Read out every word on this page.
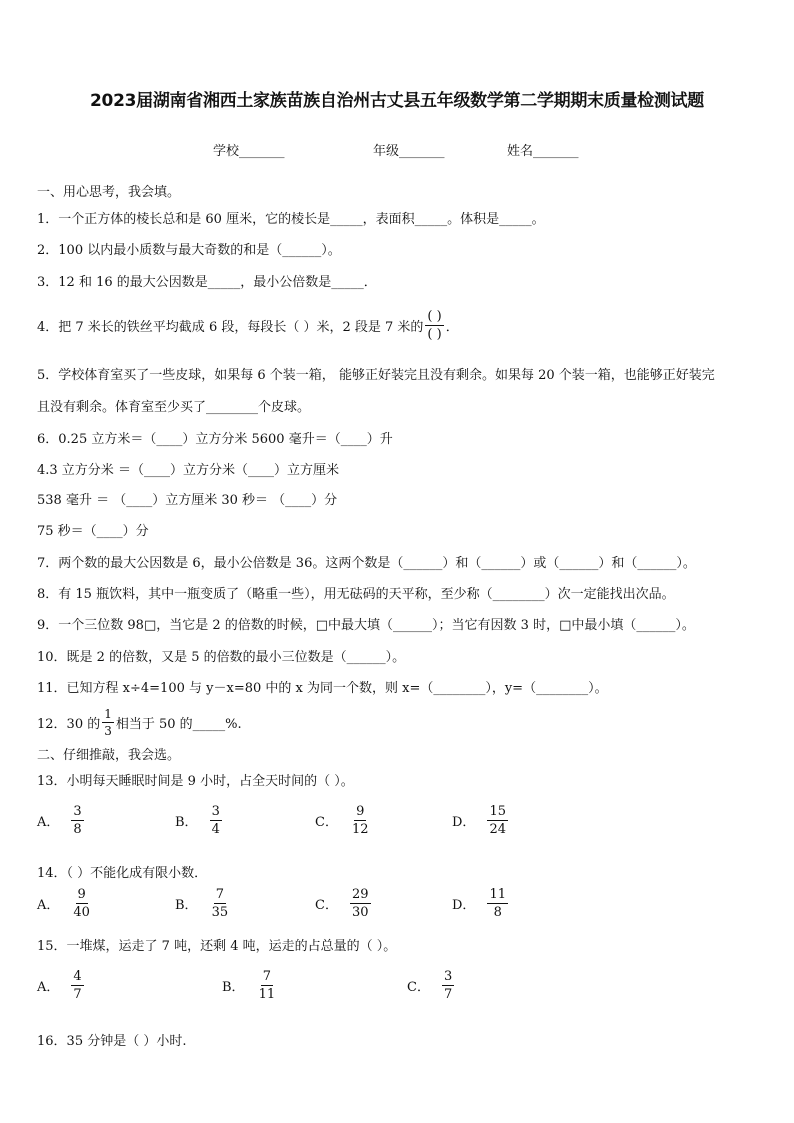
2023届湖南省湘西土家族苗族自治州古丈县五年级数学第二学期期末质量检测试题
学校_______	年级_______	姓名_______
一、用心思考，我会填。
1．一个正方体的棱长总和是 60 厘米，它的棱长是_____，表面积_____。体积是_____。
2．100 以内最小质数与最大奇数的和是（______）。
3．12 和 16 的最大公因数是_____，最小公倍数是_____．
4．把 7 米长的铁丝平均截成 6 段，每段长（ ）米，2 段是 7 米的 $\frac{( )}{( )}$ ．
5．学校体育室买了一些皮球，如果每 6 个装一箱， 能够正好装完且没有剩余。如果每 20 个装一箱，也能够正好装完
且没有剩余。体育室至少买了________个皮球。
6．0.25 立方米＝（____）立方分米 5600 毫升＝（____）升
4.3 立方分米 ＝（____）立方分米（____）立方厘米
538 毫升 ＝ （____）立方厘米 30 秒＝ （____）分
75 秒＝（____）分
7．两个数的最大公因数是 6，最小公倍数是 36。这两个数是（______）和（______）或（______）和（______）。
8．有 15 瓶饮料，其中一瓶变质了（略重一些），用无砝码的天平称，至少称（________）次一定能找出次品。
9．一个三位数 98□，当它是 2 的倍数的时候，□中最大填（______）；当它有因数 3 时，□中最小填（______）。
10．既是 2 的倍数，又是 5 的倍数的最小三位数是（______）。
11．已知方程 x÷4=100 与 y－x=80 中的 x 为同一个数，则 x=（________），y=（________）。
12．30 的 $\frac{1}{3}$ 相当于 50 的_____%.
二、仔细推敲，我会选。
13．小明每天睡眠时间是 9 小时，占全天时间的（ ）。
A． $\frac{3}{8}$	B． $\frac{3}{4}$	C． $\frac{9}{12}$	D． $\frac{15}{24}$
14．（ ）不能化成有限小数．
A． $\frac{9}{40}$	B． $\frac{7}{35}$	C． $\frac{29}{30}$	D． $\frac{11}{8}$
15．一堆煤，运走了 7 吨，还剩 4 吨，运走的占总量的（ ）。
A． $\frac{4}{7}$	B． $\frac{7}{11}$	C． $\frac{3}{7}$
16．35 分钟是（ ）小时.
